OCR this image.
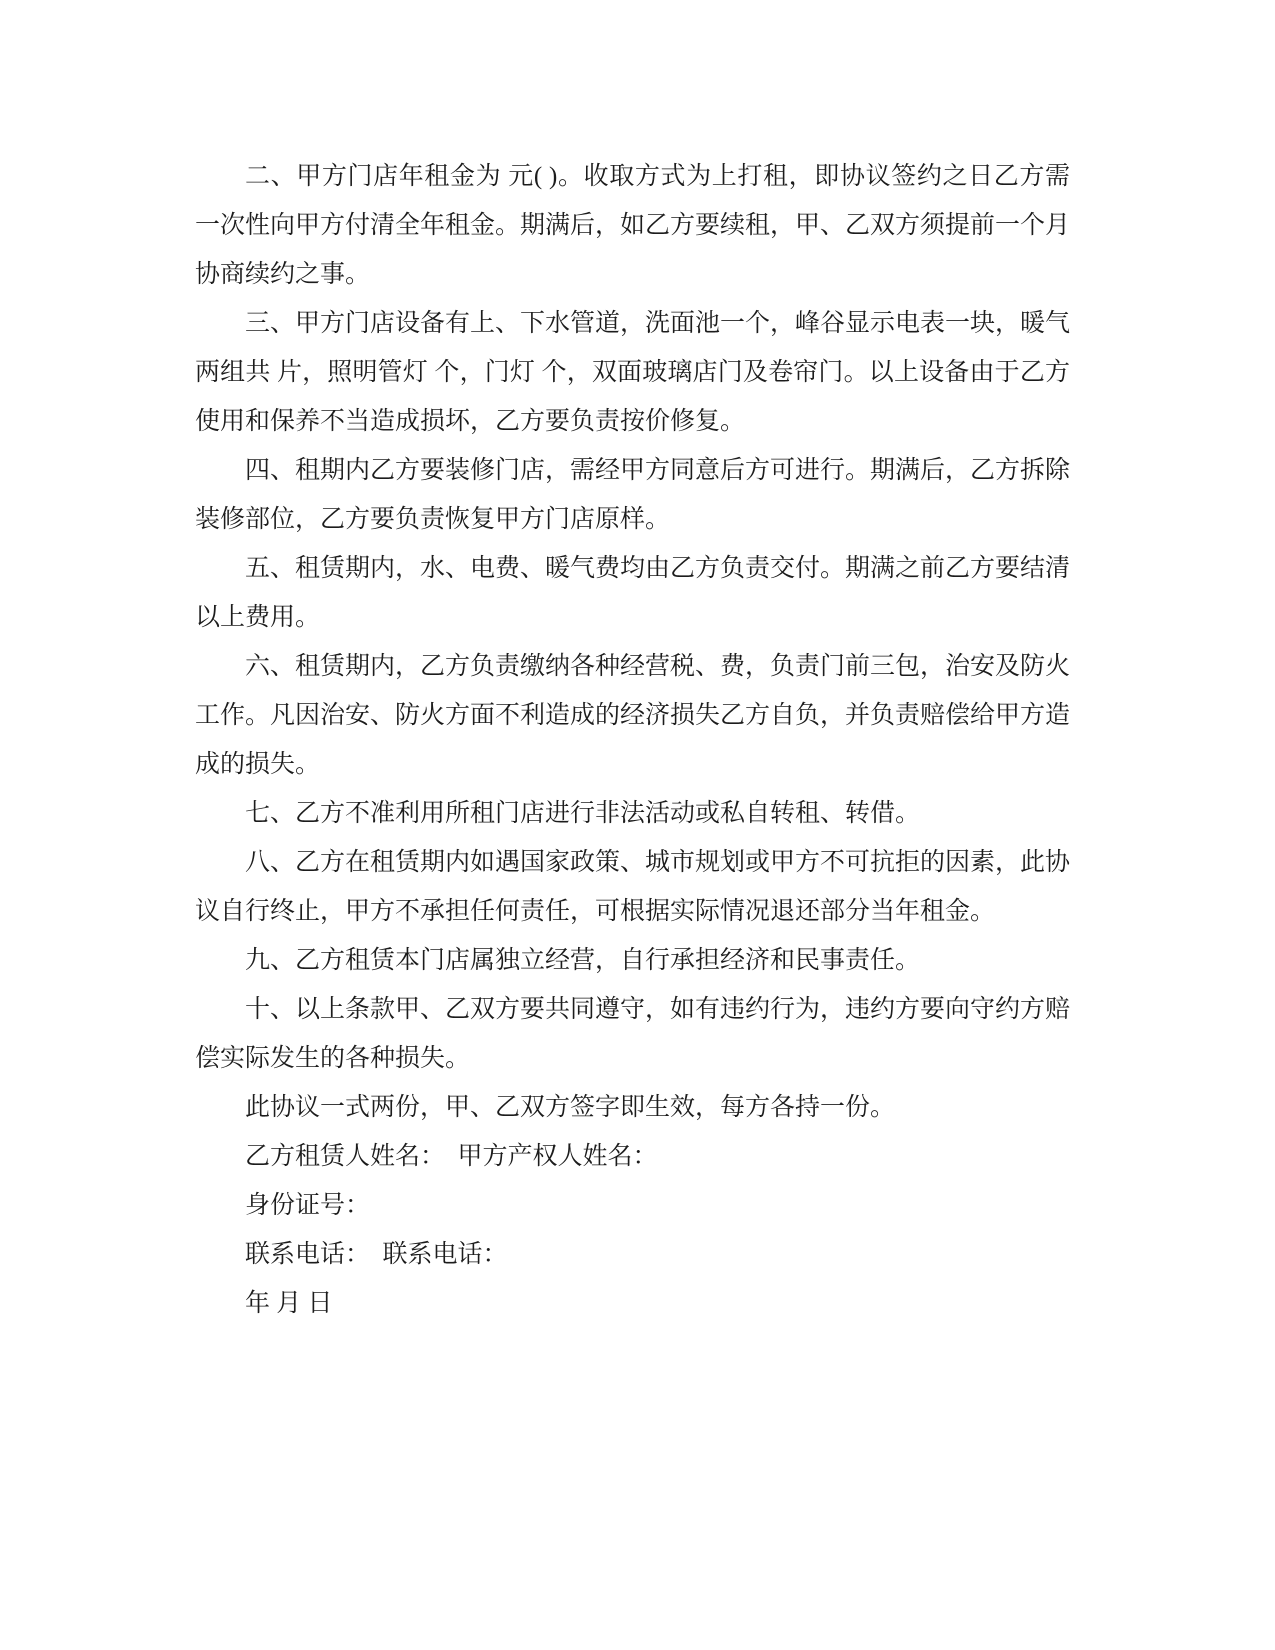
二、甲方门店年租金为 元( )。收取方式为上打租，即协议签约之日乙方需
一次性向甲方付清全年租金。期满后，如乙方要续租，甲、乙双方须提前一个月
协商续约之事。

三、甲方门店设备有上、下水管道，洗面池一个，峰谷显示电表一块，暖气
两组共 片，照明管灯 个，门灯 个，双面玻璃店门及卷帘门。以上设备由于乙方
使用和保养不当造成损坏，乙方要负责按价修复。

四、租期内乙方要装修门店，需经甲方同意后方可进行。期满后，乙方拆除
装修部位，乙方要负责恢复甲方门店原样。

五、租赁期内，水、电费、暖气费均由乙方负责交付。期满之前乙方要结清
以上费用。

六、租赁期内，乙方负责缴纳各种经营税、费，负责门前三包，治安及防火
工作。凡因治安、防火方面不利造成的经济损失乙方自负，并负责赔偿给甲方造
成的损失。

七、乙方不准利用所租门店进行非法活动或私自转租、转借。

八、乙方在租赁期内如遇国家政策、城市规划或甲方不可抗拒的因素，此协
议自行终止，甲方不承担任何责任，可根据实际情况退还部分当年租金。

九、乙方租赁本门店属独立经营，自行承担经济和民事责任。

十、以上条款甲、乙双方要共同遵守，如有违约行为，违约方要向守约方赔
偿实际发生的各种损失。

此协议一式两份，甲、乙双方签字即生效，每方各持一份。

乙方租赁人姓名：　甲方产权人姓名：

身份证号：

联系电话：　联系电话：

年 月 日
